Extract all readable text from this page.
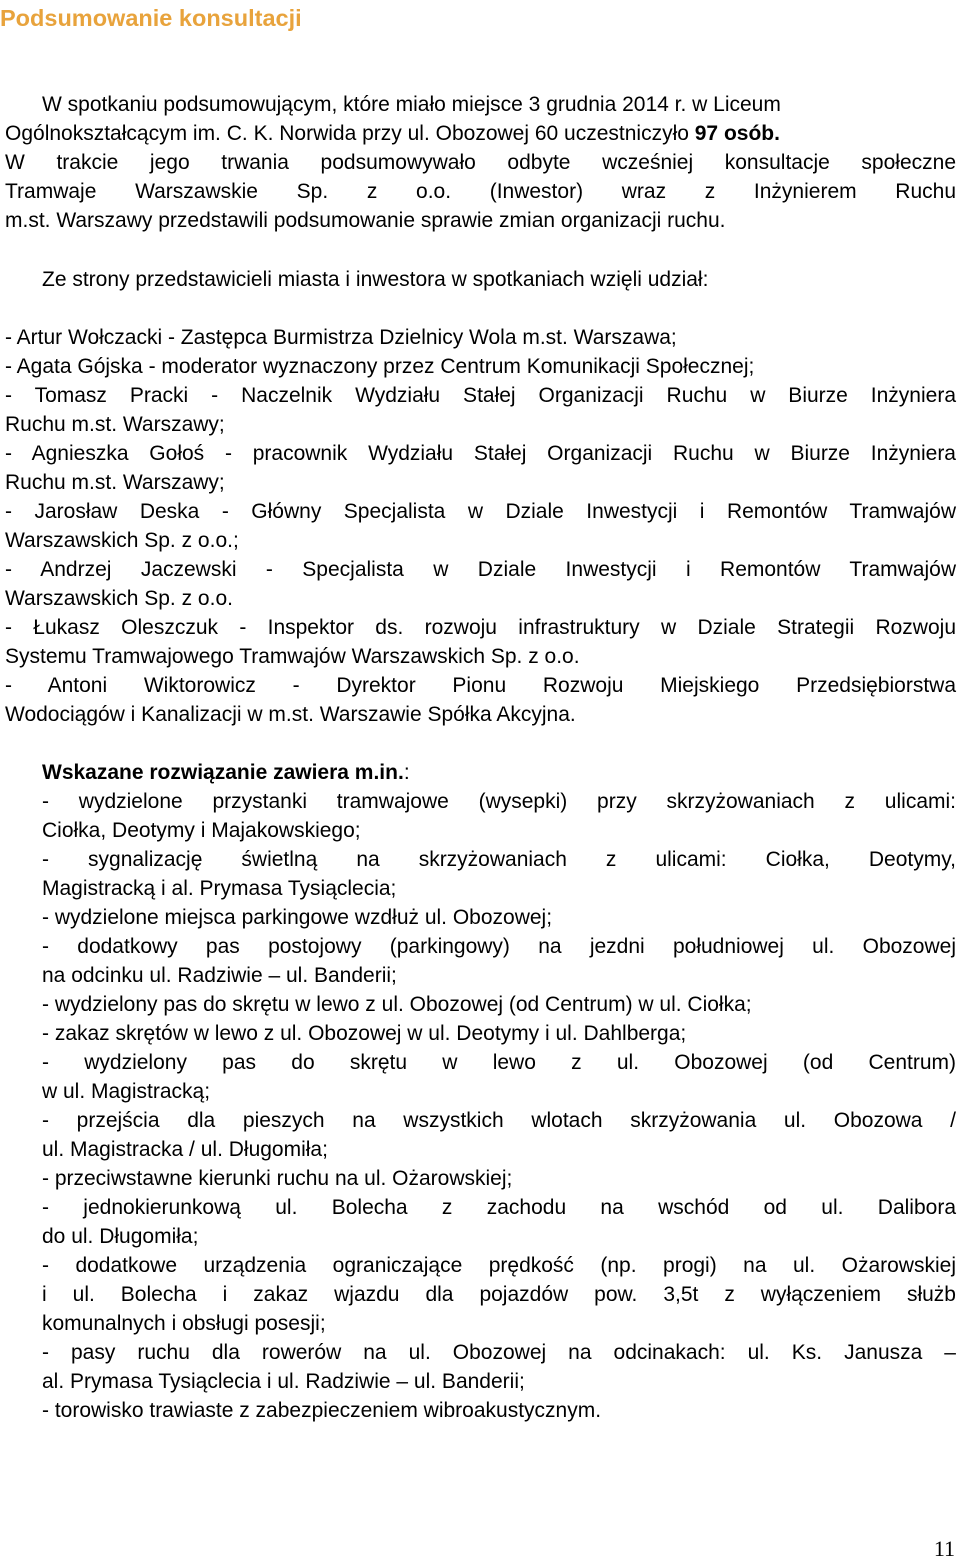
Podsumowanie konsultacji
W spotkaniu podsumowującym, które miało miejsce 3 grudnia 2014 r. w Liceum
Ogólnokształcącym im. C. K. Norwida przy ul. Obozowej 60 uczestniczyło 97 osób.
W trakcie jego trwania podsumowywało odbyte wcześniej konsultacje społeczne
Tramwaje Warszawskie Sp. z o.o. (Inwestor) wraz z Inżynierem Ruchu
m.st. Warszawy przedstawili podsumowanie sprawie zmian organizacji ruchu.
Ze strony przedstawicieli miasta i inwestora w spotkaniach wzięli udział:
- Artur Wołczacki - Zastępca Burmistrza Dzielnicy Wola m.st. Warszawa;
- Agata Gójska - moderator wyznaczony przez Centrum Komunikacji Społecznej;
- Tomasz Pracki - Naczelnik Wydziału Stałej Organizacji Ruchu w Biurze Inżyniera
Ruchu m.st. Warszawy;
- Agnieszka Gołoś - pracownik Wydziału Stałej Organizacji Ruchu w Biurze Inżyniera
Ruchu m.st. Warszawy;
- Jarosław Deska - Główny Specjalista w Dziale Inwestycji i Remontów Tramwajów
Warszawskich Sp. z o.o.;
- Andrzej Jaczewski - Specjalista w Dziale Inwestycji i Remontów Tramwajów
Warszawskich Sp. z o.o.
- Łukasz Oleszczuk - Inspektor ds. rozwoju infrastruktury w Dziale Strategii Rozwoju
Systemu Tramwajowego Tramwajów Warszawskich Sp. z o.o.
- Antoni Wiktorowicz - Dyrektor Pionu Rozwoju Miejskiego Przedsiębiorstwa
Wodociągów i Kanalizacji w m.st. Warszawie Spółka Akcyjna.
Wskazane rozwiązanie zawiera m.in.:
- wydzielone przystanki tramwajowe (wysepki) przy skrzyżowaniach z ulicami:
Ciołka, Deotymy i Majakowskiego;
- sygnalizację świetlną na skrzyżowaniach z ulicami: Ciołka, Deotymy,
Magistracką i al. Prymasa Tysiąclecia;
- wydzielone miejsca parkingowe wzdłuż ul. Obozowej;
- dodatkowy pas postojowy (parkingowy) na jezdni południowej ul. Obozowej
na odcinku ul. Radziwie – ul. Banderii;
- wydzielony pas do skrętu w lewo z ul. Obozowej (od Centrum) w ul. Ciołka;
- zakaz skrętów w lewo z ul. Obozowej w ul. Deotymy i ul. Dahlberga;
- wydzielony pas do skrętu w lewo z ul. Obozowej (od Centrum)
w ul. Magistracką;
- przejścia dla pieszych na wszystkich wlotach skrzyżowania ul. Obozowa /
ul. Magistracka / ul. Długomiła;
- przeciwstawne kierunki ruchu na ul. Ożarowskiej;
- jednokierunkową ul. Bolecha z zachodu na wschód od ul. Dalibora
do ul. Długomiła;
- dodatkowe urządzenia ograniczające prędkość (np. progi) na ul. Ożarowskiej
i ul. Bolecha i zakaz wjazdu dla pojazdów pow. 3,5t z wyłączeniem służb
komunalnych i obsługi posesji;
- pasy ruchu dla rowerów na ul. Obozowej na odcinakach: ul. Ks. Janusza –
al. Prymasa Tysiąclecia i ul. Radziwie – ul. Banderii;
- torowisko trawiaste z zabezpieczeniem wibroakustycznym.
11
